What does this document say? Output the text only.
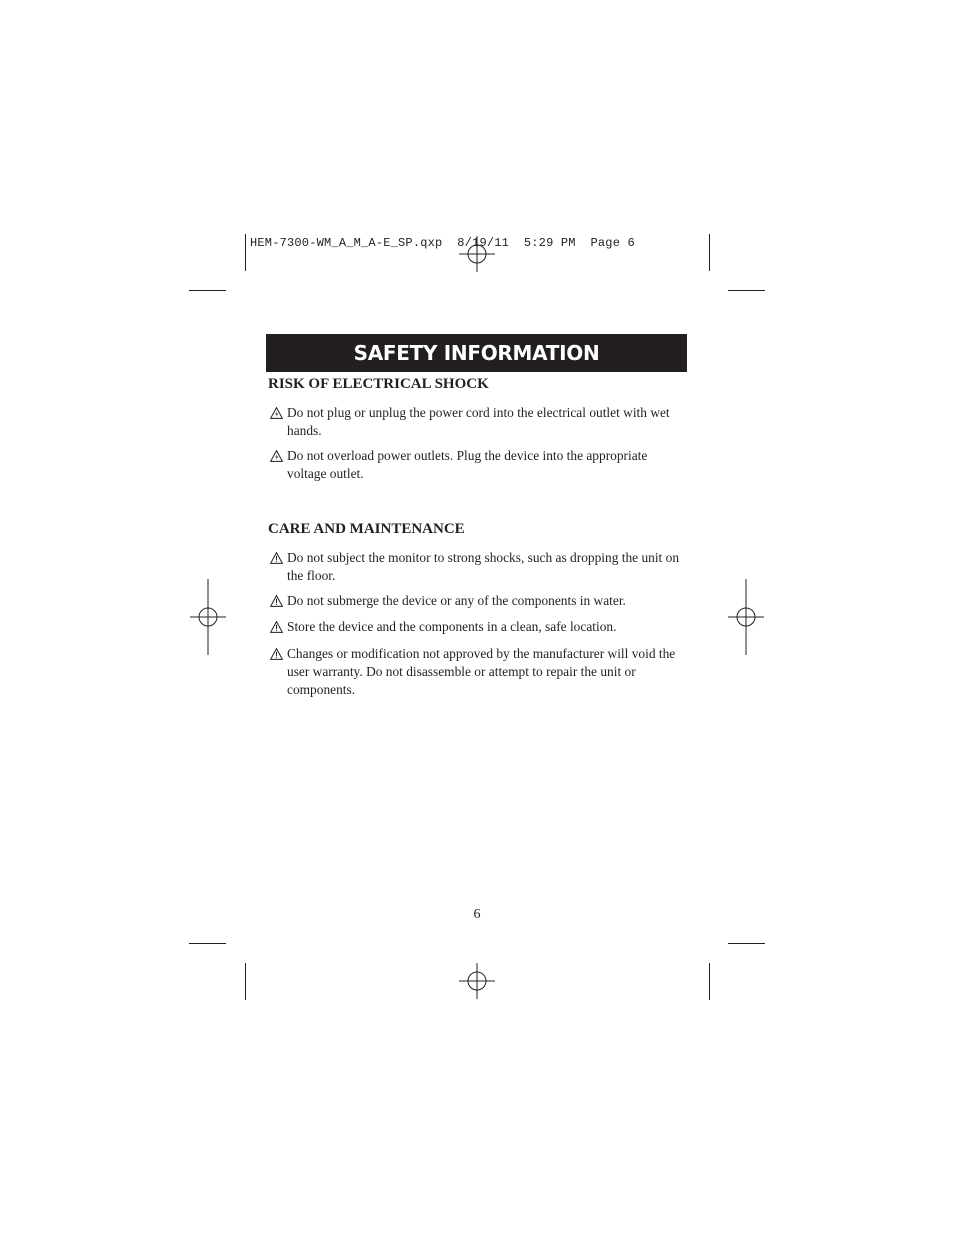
HEM-7300-WM_A_M_A-E_SP.qxp 8/19/11 5:29 PM Page 6
SAFETY INFORMATION
RISK OF ELECTRICAL SHOCK
Do not plug or unplug the power cord into the electrical outlet with wet hands.
Do not overload power outlets. Plug the device into the appropriate voltage outlet.
CARE AND MAINTENANCE
Do not subject the monitor to strong shocks, such as dropping the unit on the floor.
Do not submerge the device or any of the components in water.
Store the device and the components in a clean, safe location.
Changes or modification not approved by the manufacturer will void the user warranty. Do not disassemble or attempt to repair the unit or components.
6
